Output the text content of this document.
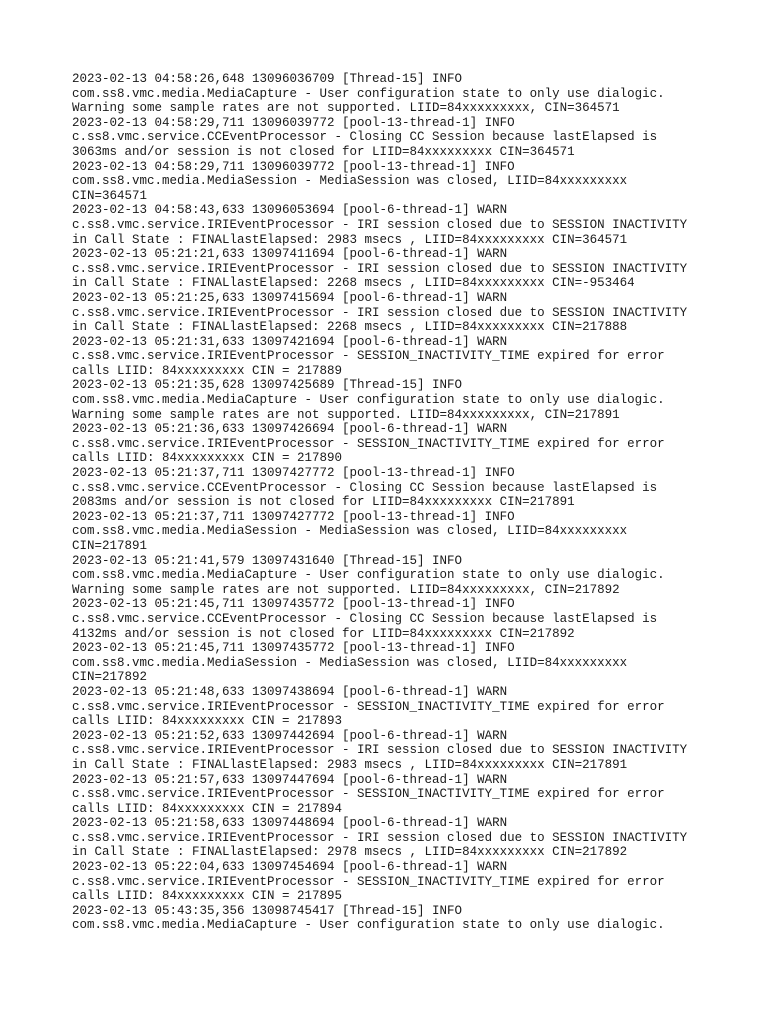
2023-02-13 04:58:26,648 13096036709 [Thread-15] INFO
com.ss8.vmc.media.MediaCapture - User configuration state to only use dialogic.
Warning some sample rates are not supported. LIID=84xxxxxxxxx, CIN=364571
2023-02-13 04:58:29,711 13096039772 [pool-13-thread-1] INFO
c.ss8.vmc.service.CCEventProcessor - Closing CC Session because lastElapsed is
3063ms and/or session is not closed for LIID=84xxxxxxxxx CIN=364571
2023-02-13 04:58:29,711 13096039772 [pool-13-thread-1] INFO
com.ss8.vmc.media.MediaSession - MediaSession was closed, LIID=84xxxxxxxxx
CIN=364571
2023-02-13 04:58:43,633 13096053694 [pool-6-thread-1] WARN
c.ss8.vmc.service.IRIEventProcessor - IRI session closed due to SESSION INACTIVITY
in Call State : FINALlastElapsed: 2983 msecs , LIID=84xxxxxxxxx CIN=364571
2023-02-13 05:21:21,633 13097411694 [pool-6-thread-1] WARN
c.ss8.vmc.service.IRIEventProcessor - IRI session closed due to SESSION INACTIVITY
in Call State : FINALlastElapsed: 2268 msecs , LIID=84xxxxxxxxx CIN=-953464
2023-02-13 05:21:25,633 13097415694 [pool-6-thread-1] WARN
c.ss8.vmc.service.IRIEventProcessor - IRI session closed due to SESSION INACTIVITY
in Call State : FINALlastElapsed: 2268 msecs , LIID=84xxxxxxxxx CIN=217888
2023-02-13 05:21:31,633 13097421694 [pool-6-thread-1] WARN
c.ss8.vmc.service.IRIEventProcessor - SESSION_INACTIVITY_TIME expired for error
calls LIID: 84xxxxxxxxx CIN = 217889
2023-02-13 05:21:35,628 13097425689 [Thread-15] INFO
com.ss8.vmc.media.MediaCapture - User configuration state to only use dialogic.
Warning some sample rates are not supported. LIID=84xxxxxxxxx, CIN=217891
2023-02-13 05:21:36,633 13097426694 [pool-6-thread-1] WARN
c.ss8.vmc.service.IRIEventProcessor - SESSION_INACTIVITY_TIME expired for error
calls LIID: 84xxxxxxxxx CIN = 217890
2023-02-13 05:21:37,711 13097427772 [pool-13-thread-1] INFO
c.ss8.vmc.service.CCEventProcessor - Closing CC Session because lastElapsed is
2083ms and/or session is not closed for LIID=84xxxxxxxxx CIN=217891
2023-02-13 05:21:37,711 13097427772 [pool-13-thread-1] INFO
com.ss8.vmc.media.MediaSession - MediaSession was closed, LIID=84xxxxxxxxx
CIN=217891
2023-02-13 05:21:41,579 13097431640 [Thread-15] INFO
com.ss8.vmc.media.MediaCapture - User configuration state to only use dialogic.
Warning some sample rates are not supported. LIID=84xxxxxxxxx, CIN=217892
2023-02-13 05:21:45,711 13097435772 [pool-13-thread-1] INFO
c.ss8.vmc.service.CCEventProcessor - Closing CC Session because lastElapsed is
4132ms and/or session is not closed for LIID=84xxxxxxxxx CIN=217892
2023-02-13 05:21:45,711 13097435772 [pool-13-thread-1] INFO
com.ss8.vmc.media.MediaSession - MediaSession was closed, LIID=84xxxxxxxxx
CIN=217892
2023-02-13 05:21:48,633 13097438694 [pool-6-thread-1] WARN
c.ss8.vmc.service.IRIEventProcessor - SESSION_INACTIVITY_TIME expired for error
calls LIID: 84xxxxxxxxx CIN = 217893
2023-02-13 05:21:52,633 13097442694 [pool-6-thread-1] WARN
c.ss8.vmc.service.IRIEventProcessor - IRI session closed due to SESSION INACTIVITY
in Call State : FINALlastElapsed: 2983 msecs , LIID=84xxxxxxxxx CIN=217891
2023-02-13 05:21:57,633 13097447694 [pool-6-thread-1] WARN
c.ss8.vmc.service.IRIEventProcessor - SESSION_INACTIVITY_TIME expired for error
calls LIID: 84xxxxxxxxx CIN = 217894
2023-02-13 05:21:58,633 13097448694 [pool-6-thread-1] WARN
c.ss8.vmc.service.IRIEventProcessor - IRI session closed due to SESSION INACTIVITY
in Call State : FINALlastElapsed: 2978 msecs , LIID=84xxxxxxxxx CIN=217892
2023-02-13 05:22:04,633 13097454694 [pool-6-thread-1] WARN
c.ss8.vmc.service.IRIEventProcessor - SESSION_INACTIVITY_TIME expired for error
calls LIID: 84xxxxxxxxx CIN = 217895
2023-02-13 05:43:35,356 13098745417 [Thread-15] INFO
com.ss8.vmc.media.MediaCapture - User configuration state to only use dialogic.
